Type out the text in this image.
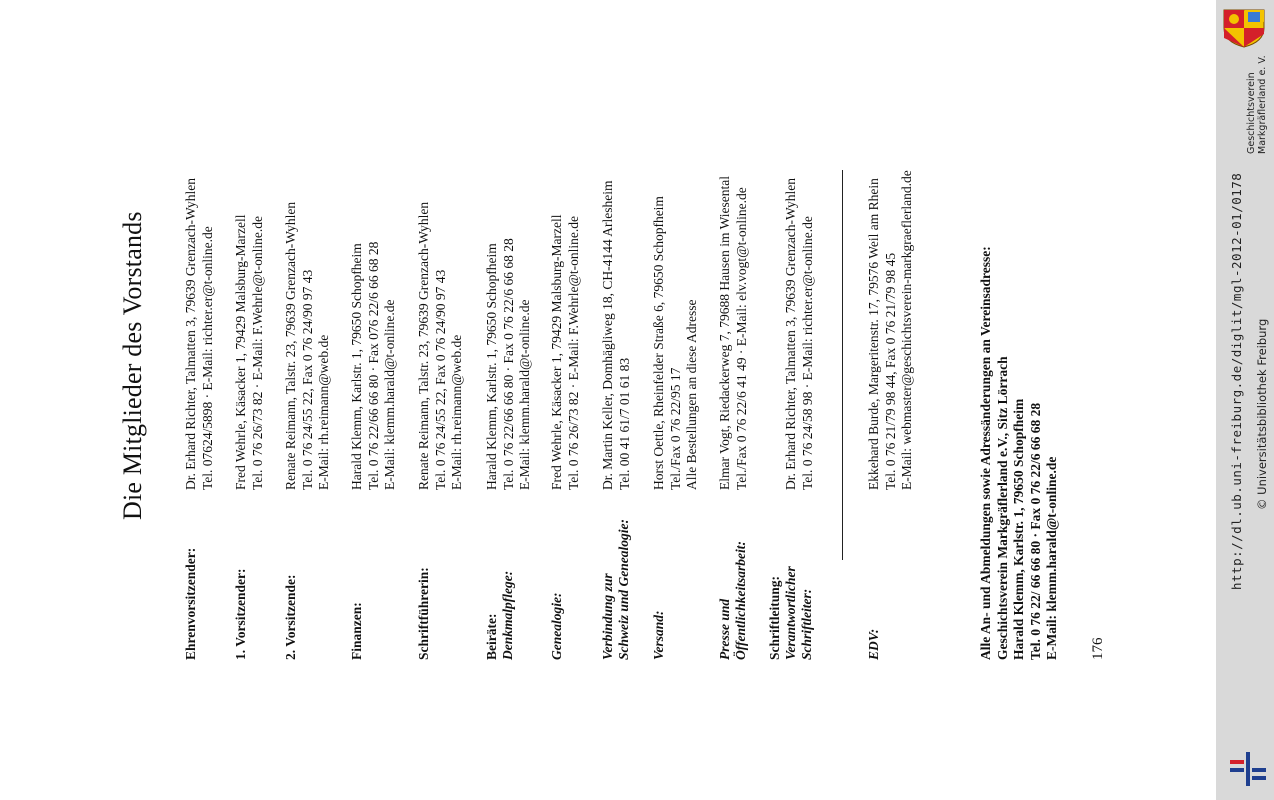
Die Mitglieder des Vorstands
Ehrenvorsitzender:
Dr. Erhard Richter, Talmatten 3, 79639 Grenzach-Wyhlen Tel. 07624/5898 · E-Mail: richter.er@t-online.de
1. Vorsitzender:
Fred Wehrle, Käsacker 1, 79429 Malsburg-Marzell Tel. 0 76 26/73 82 · E-Mail: F.Wehrle@t-online.de
2. Vorsitzende:
Renate Reimann, Talstr. 23, 79639 Grenzach-Wyhlen Tel. 0 76 24/55 22, Fax 0 76 24/90 97 43 E-Mail: rh.reimann@web.de
Finanzen:
Harald Klemm, Karlstr. 1, 79650 Schopfheim Tel. 0 76 22/66 66 80 · Fax 076 22/6 66 68 28 E-Mail: klemm.harald@t-online.de
Schriftführerin:
Renate Reimann, Talstr. 23, 79639 Grenzach-Wyhlen Tel. 0 76 24/55 22, Fax 0 76 24/90 97 43 E-Mail: rh.reimann@web.de
Beiräte: Denkmalpflege:
Harald Klemm, Karlstr. 1, 79650 Schopfheim Tel. 0 76 22/66 66 80 · Fax 0 76 22/6 66 68 28 E-Mail: klemm.harald@t-online.de
Genealogie:
Fred Wehrle, Käsacker 1, 79429 Malsburg-Marzell Tel. 0 76 26/73 82 · E-Mail: F.Wehrle@t-online.de
Verbindung zur Schweiz und Genealogie:
Dr. Martin Keller, Domhägliweg 18, CH-4144 Arlesheim Tel. 00 41 61/7 01 61 83
Versand:
Horst Oettle, Rheinfelder Straße 6, 79650 Schopfheim Tel./Fax 0 76 22/95 17 Alle Bestellungen an diese Adresse
Presse und Öffentlichkeitsarbeit:
Elmar Vogt, Riedackerweg 7, 79688 Hausen im Wiesental Tel./Fax 0 76 22/6 41 49 · E-Mail: elv.vogt@t-online.de
Schriftleitung: Verantwortlicher Schriftleiter:
Dr. Erhard Richter, Talmatten 3, 79639 Grenzach-Wyhlen Tel. 0 76 24/58 98 · E-Mail: richter.er@t-online.de
EDV:
Ekkehard Burde, Margeritenstr. 17, 79576 Weil am Rhein Tel. 0 76 21/79 98 44, Fax 0 76 21/79 98 45 E-Mail: webmaster@geschichtsverein-markgraeflerland.de	Alle An- und Abmeldungen sowie Adressänderungen an Vereinsadresse: Geschichtsverein Markgräflerland e.V., Sitz Lörrach Harald Klemm, Karlstr. 1, 79650 Schopfheim Tel. 0 76 22/ 66 66 80 · Fax 0 76 22/6 66 68 28 E-Mail: klemm.harald@t-online.de 176
Geschichtsverein Markgräflerland e. V.
http://dl.ub.uni-freiburg.de/diglit/mgl-2012-01/0178 © Universitätsbibliothek Freiburg
